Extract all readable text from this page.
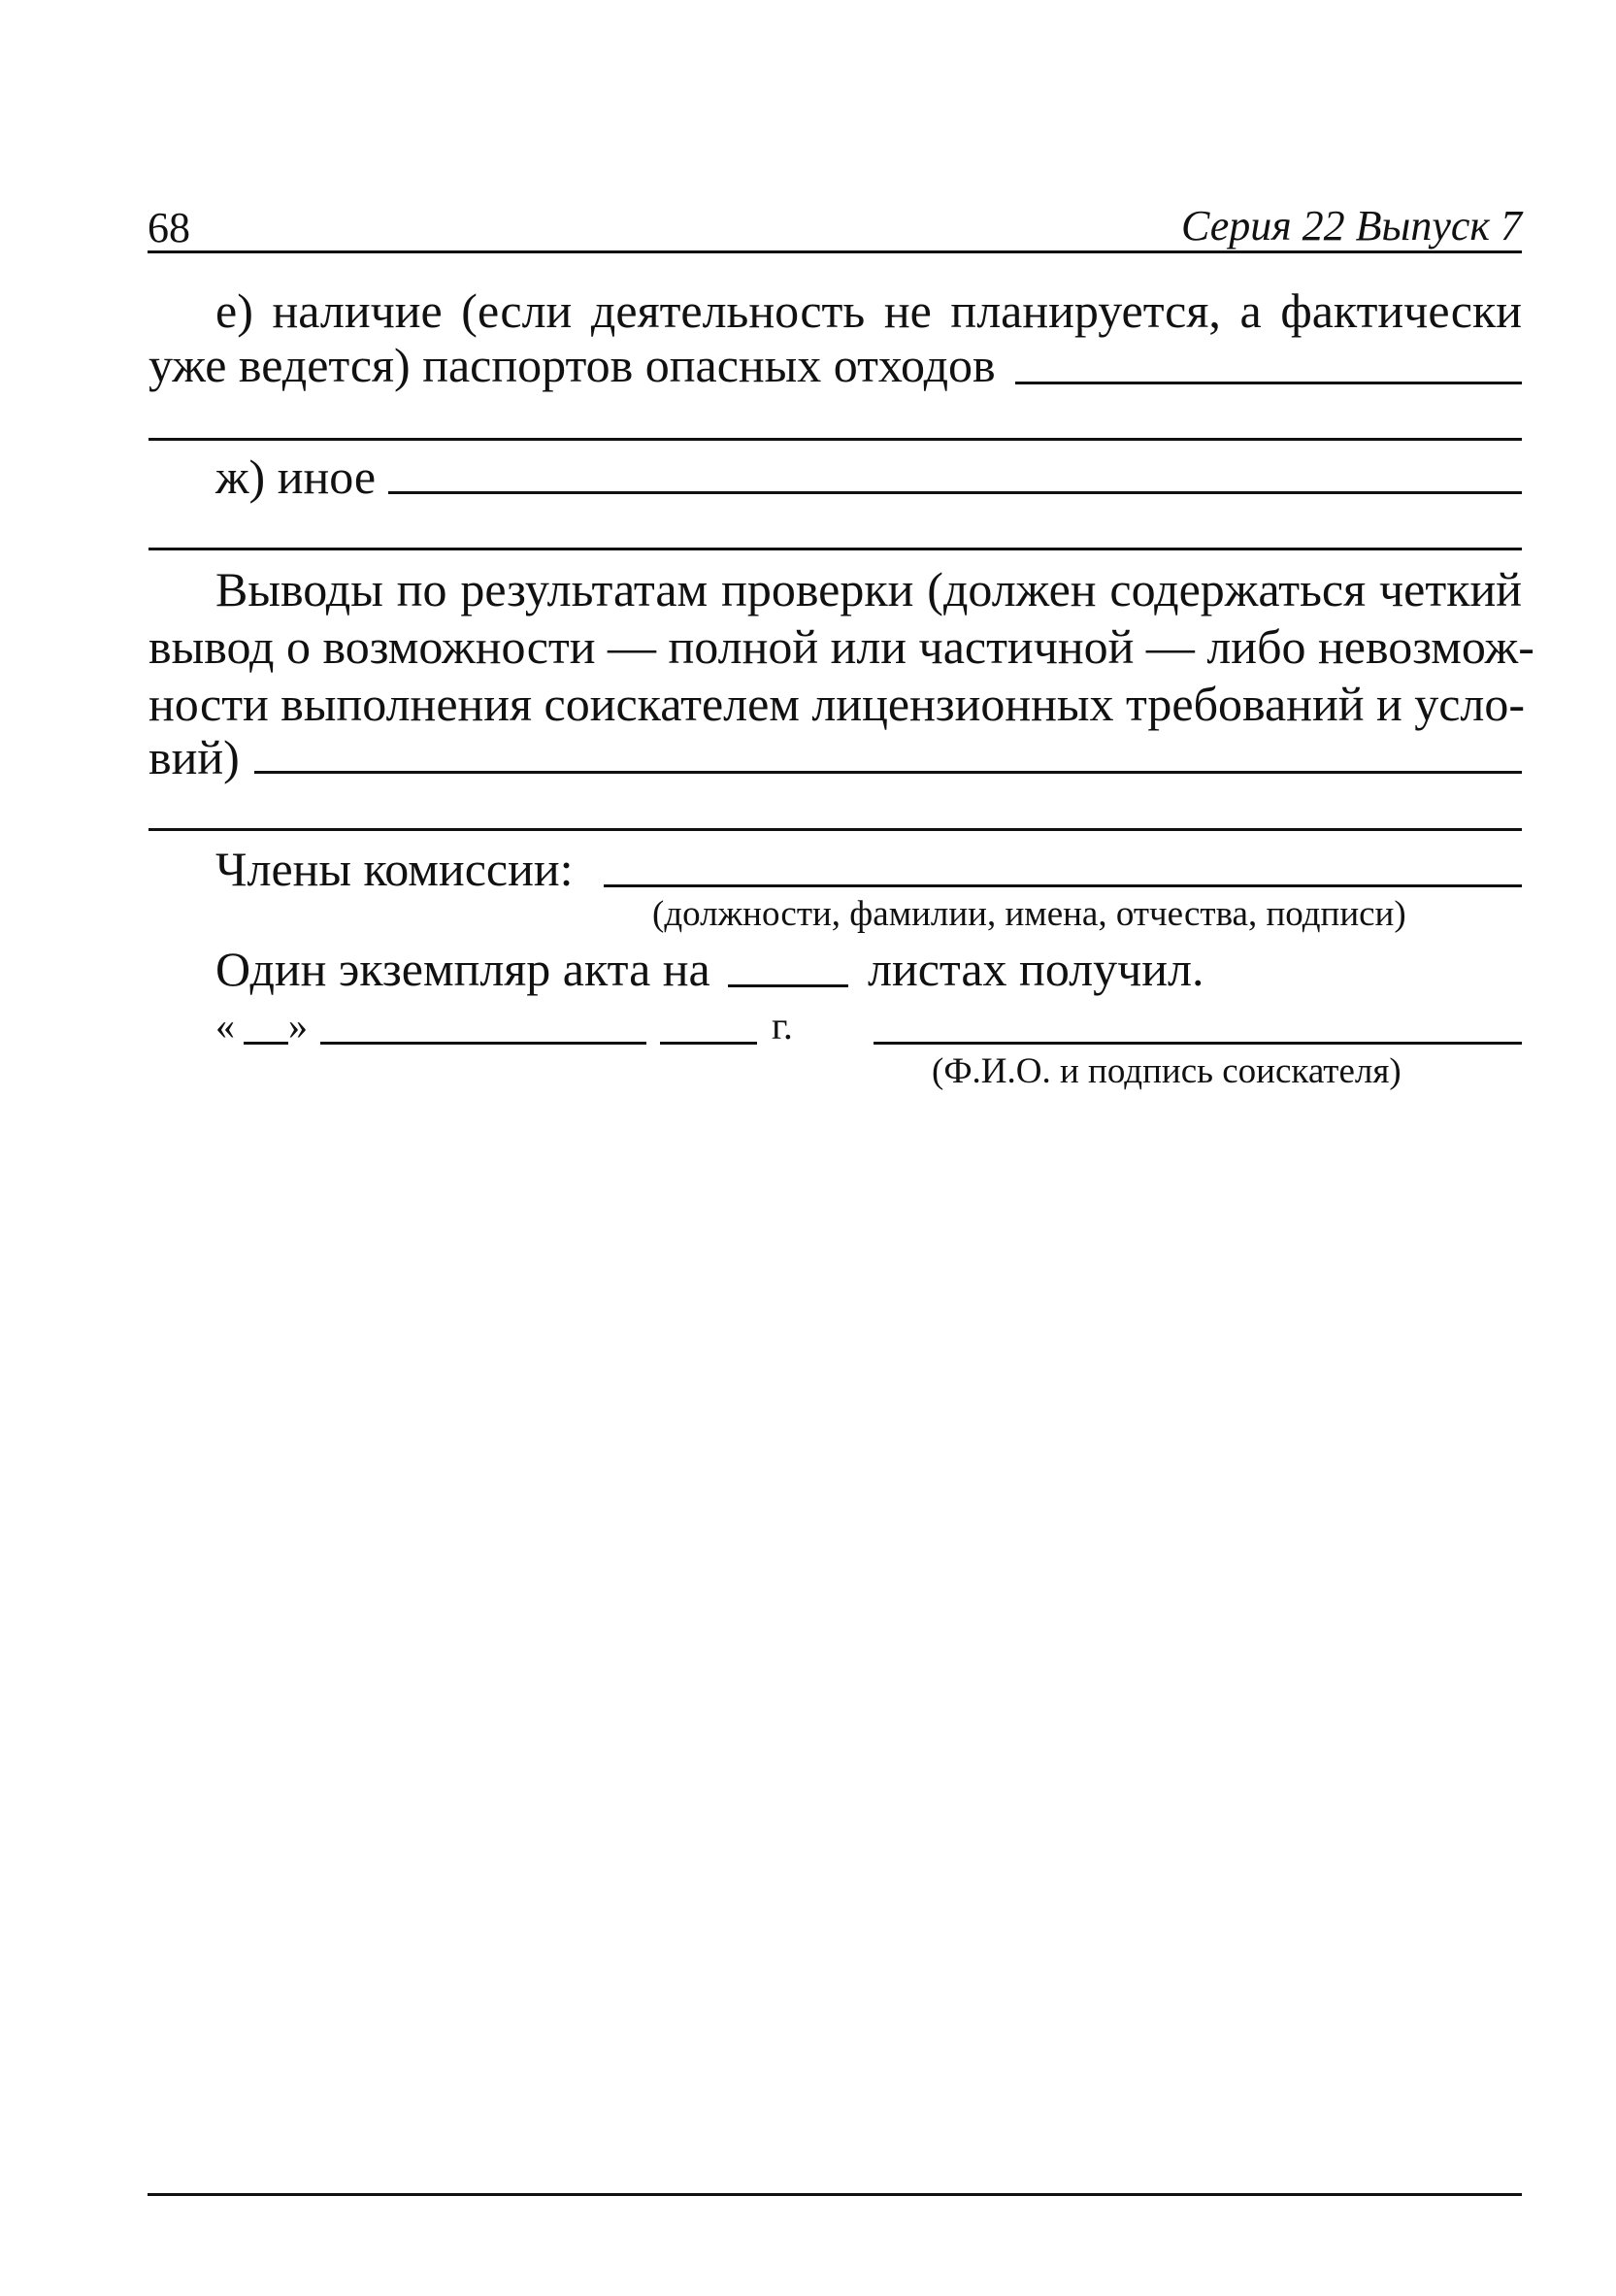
68	Серия 22 Выпуск 7
е) наличие (если деятельность не планируется, а фактически
уже ведется) паспортов опасных отходов
ж) иное
Выводы по результатам проверки (должен содержаться четкий
вывод о возможности — полной или частичной — либо невозмож-
ности выполнения соискателем лицензионных требований и усло-
вий)
Члены комиссии:
(должности, фамилии, имена, отчества, подписи)
Один экземпляр акта на	листах получил.
« »	г.
(Ф.И.О. и подпись соискателя)
